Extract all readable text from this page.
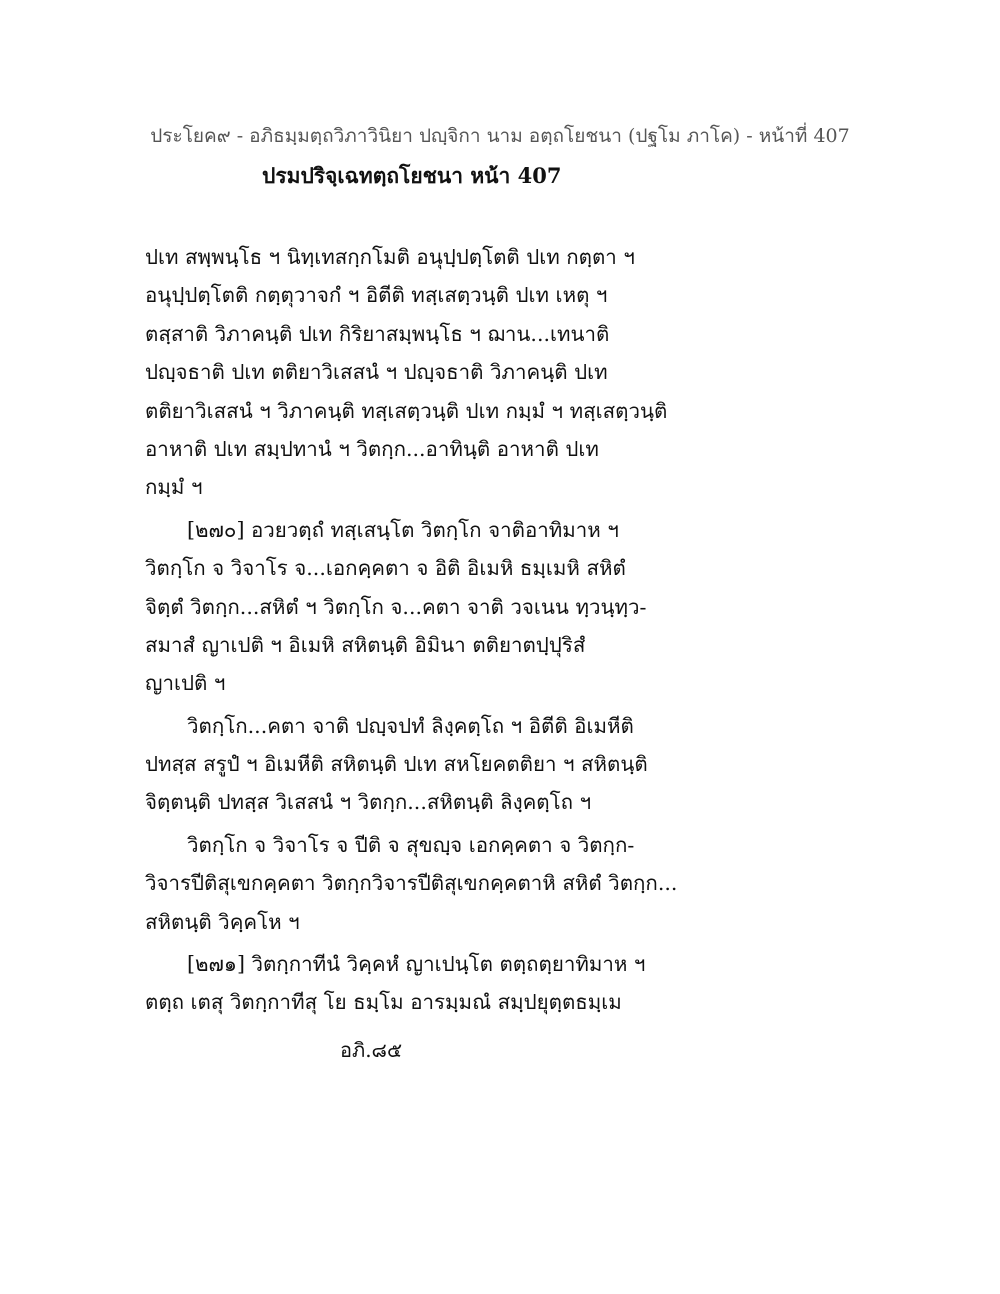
ประโยค๙ - อภิธมฺมตฺถวิภาวินิยา ปญฺจิกา นาม อตฺถโยชนา (ปฐโม ภาโค) - หน้าที่ 407
ปรมปริจฺเฉทตฺถโยชนา หน้า 407
ปเท สพฺพนฺโธ ฯ นิทฺเทสกฺกโมติ อนุปฺปตฺโตติ ปเท กตฺตา ฯ
อนุปฺปตฺโตติ กตฺตุวาจกํ ฯ อิตีติ ทสฺเสตฺวนฺติ ปเท เหตุ ฯ
ตสฺสาติ วิภาคนฺติ ปเท กิริยาสมฺพนฺโธ ฯ ฌาน...เทนาติ
ปญฺจธาติ ปเท ตติยาวิเสสนํ ฯ ปญฺจธาติ วิภาคนฺติ ปเท
ตติยาวิเสสนํ ฯ วิภาคนฺติ ทสฺเสตฺวนฺติ ปเท กมฺมํ ฯ ทสฺเสตฺวนฺติ
อาหาติ ปเท สมฺปทานํ ฯ วิตกฺก...อาทินฺติ อาหาติ ปเท
กมฺมํ ฯ
[๒๗๐] อวยวตฺถํ ทสฺเสนฺโต วิตกฺโก จาติอาทิมาห ฯ
วิตกฺโก จ วิจาโร จ...เอกคฺคตา จ อิติ อิเมหิ ธมฺเมหิ สหิตํ
จิตฺตํ วิตกฺก...สหิตํ ฯ วิตกฺโก จ...คตา จาติ วจเนน ทฺวนฺทฺว-
สมาสํ ญาเปติ ฯ อิเมหิ สหิตนฺติ อิมินา ตติยาตปฺปุริสํ
ญาเปติ ฯ
วิตกฺโก...คตา จาติ ปญฺจปทํ ลิงฺคตฺโถ ฯ อิตีติ อิเมหีติ
ปทสฺส สรูปํ ฯ อิเมหีติ สหิตนฺติ ปเท สหโยคตติยา ฯ สหิตนฺติ
จิตฺตนฺติ ปทสฺส วิเสสนํ ฯ วิตกฺก...สหิตนฺติ ลิงฺคตฺโถ ฯ
วิตกฺโก จ วิจาโร จ ปีติ จ สุขญฺจ เอกคฺคตา จ วิตกฺก-
วิจารปีติสุเขกคฺคตา วิตกฺกวิจารปีติสุเขกคฺคตาหิ สหิตํ วิตกฺก...
สหิตนฺติ วิคฺคโห ฯ
[๒๗๑] วิตกฺกาทีนํ วิคฺคหํ ญาเปนฺโต ตตฺถตฺยาทิมาห ฯ
ตตฺถ เตสุ วิตกฺกาทีสุ โย ธมฺโม อารมฺมณํ สมฺปยุตฺตธมฺเม
อภิ.๘๕
